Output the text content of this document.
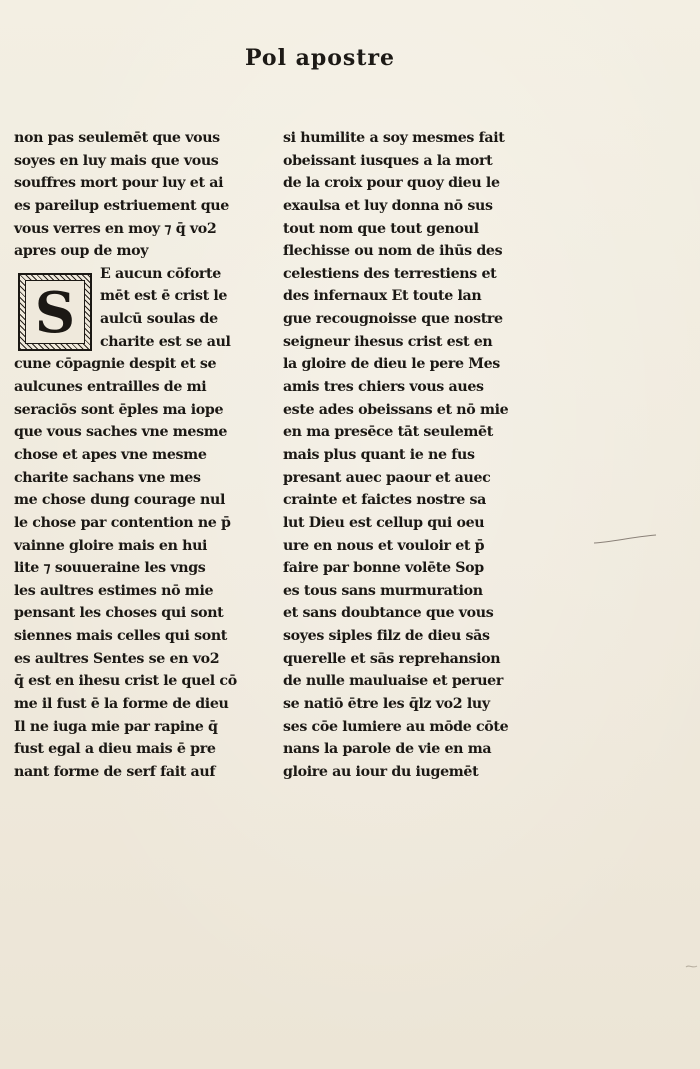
Pol apostre
non pas seulemēt que vous
soyes en luy mais que vous
souffres mort pour luy et ai
es pareilup estriuement que
vous verres en moy ⁊ q̄ vo2
apres oup de moy
E aucun cōforte
mēt est ē crist le
aulcū soulas de
charite est se aul
cune cōpagnie despit et se
aulcunes entrailles de mi
seraciōs sont ēples ma iope
que vous saches vne mesme
chose et apes vne mesme
charite sachans vne mes
me chose dung courage nul
le chose par contention ne p̄
vainne gloire mais en hui
lite ⁊ souueraine les vngs
les aultres estimes nō mie
pensant les choses qui sont
siennes mais celles qui sont
es aultres Sentes se en vo2
q̄ est en ihesu crist le quel cō
me il fust ē la forme de dieu
Il ne iuga mie par rapine q̄
fust egal a dieu mais ē pre
nant forme de serf fait auf
S
si humilite a soy mesmes fait
obeissant iusques a la mort
de la croix pour quoy dieu le
exaulsa et luy donna nō sus
tout nom que tout genoul
flechisse ou nom de ihūs des
celestiens des terrestiens et
des infernaux Et toute lan
gue recougnoisse que nostre
seigneur ihesus crist est en
la gloire de dieu le pere Mes
amis tres chiers vous aues
este ades obeissans et nō mie
en ma presēce tāt seulemēt
mais plus quant ie ne fus
presant auec paour et auec
crainte et faictes nostre sa
lut Dieu est cellup qui oeu
ure en nous et vouloir et p̄
faire par bonne volēte Sop
es tous sans murmuration
et sans doubtance que vous
soyes siples filz de dieu sās
querelle et sās reprehansion
de nulle mauluaise et peruer
se natiō ētre les q̄lz vo2 luy
ses cōe lumiere au mōde cōte
nans la parole de vie en ma
gloire au iour du iugemēt
